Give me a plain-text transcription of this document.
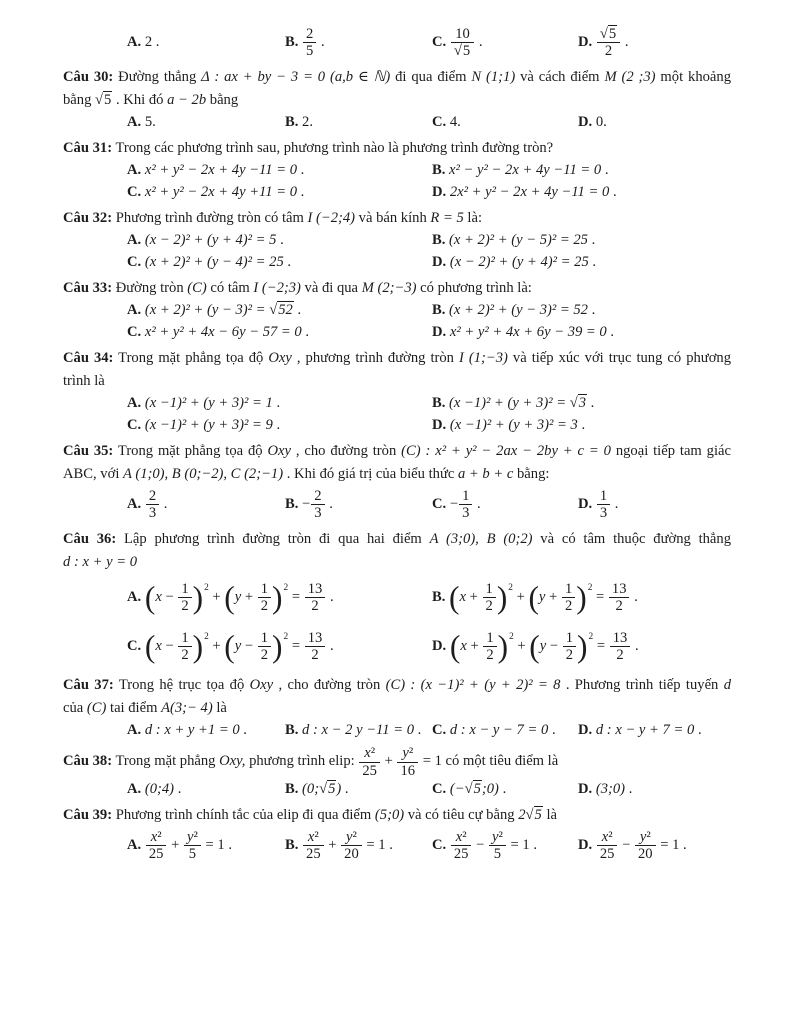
A. 2 .	B. $\frac{2}{5}$ .	C. $\frac{10}{√5}$ .	D. $\frac{√5}{2}$ .
Câu 30: Đường thẳng Δ : ax + by − 3 = 0 (a,b ∈ ℕ) đi qua điểm N (1;1) và cách điểm M (2 ;3) một khoảng
bằng √5 . Khi đó a − 2b bằng
A. 5.	B. 2.	C. 4.	D. 0.
Câu 31: Trong các phương trình sau, phương trình nào là phương trình đường tròn?
A. x² + y² − 2x + 4y −11 = 0 .	B. x² − y² − 2x + 4y −11 = 0 .
C. x² + y² − 2x + 4y +11 = 0 .	D. 2x² + y² − 2x + 4y −11 = 0 .
Câu 32: Phương trình đường tròn có tâm I (−2;4) và bán kính R = 5 là:
A. (x − 2)² + (y + 4)² = 5 .	B. (x + 2)² + (y − 5)² = 25 .
C. (x + 2)² + (y − 4)² = 25 .	D. (x − 2)² + (y + 4)² = 25 .
Câu 33: Đường tròn (C) có tâm I (−2;3) và đi qua M (2;−3) có phương trình là:
A. (x + 2)² + (y − 3)² = √52 .	B. (x + 2)² + (y − 3)² = 52 .
C. x² + y² + 4x − 6y − 57 = 0 .	D. x² + y² + 4x + 6y − 39 = 0 .
Câu 34: Trong mặt phẳng tọa độ Oxy , phương trình đường tròn I (1;−3) và tiếp xúc với trục tung có phương
trình là
A. (x −1)² + (y + 3)² = 1 .	B. (x −1)² + (y + 3)² = √3 .
C. (x −1)² + (y + 3)² = 9 .	D. (x −1)² + (y + 3)² = 3 .
Câu 35: Trong mặt phẳng tọa độ Oxy , cho đường tròn (C) : x² + y² − 2ax − 2by + c = 0 ngoại tiếp tam giác
ABC, với A (1;0), B (0;−2), C (2;−1) . Khi đó giá trị của biểu thức a + b + c bằng:
A. $\frac{2}{3}$ .	B. − $\frac{2}{3}$ .	C. − $\frac{1}{3}$ .	D. $\frac{1}{3}$ .
Câu 36: Lập phương trình đường tròn đi qua hai điểm A (3;0), B (0;2) và có tâm thuộc đường thẳng
d : x + y = 0
A. $(x - \frac{1}{2} )^2 + (y + \frac{1}{2} )^2 = \frac{13}{2}$ .	B. $(x + \frac{1}{2} )^2 + (y + \frac{1}{2} )^2 = \frac{13}{2}$ .
C. $(x - \frac{1}{2} )^2 + (y - \frac{1}{2} )^2 = \frac{13}{2}$ .	D. $(x + \frac{1}{2} )^2 + (y - \frac{1}{2} )^2 = \frac{13}{2}$ .
Câu 37: Trong hệ trục tọa độ Oxy , cho đường tròn (C) : (x −1)² + (y + 2)² = 8 . Phương trình tiếp tuyến d
của (C) tai điểm A(3;− 4) là
A. d : x + y +1 = 0 .	B. d : x − 2 y −11 = 0 . C. d : x − y − 7 = 0 .	D. d : x − y + 7 = 0 .
Câu 38: Trong mặt phẳng Oxy, phương trình elip: $\frac{\text{x²}}{25} + \frac{\text{y²}}{16} = 1$ có một tiêu điểm là
A. (0;4) .	B. (0;√5) .	C. (−√5;0) .	D. (3;0) .
Câu 39: Phương trình chính tắc của elip đi qua điểm (5;0) và có tiêu cự bằng 2√5 là
A. $\frac{\text{x²}}{25} + \frac{\text{y²}}{5} = 1$ .	B. $\frac{\text{x²}}{25} + \frac{\text{y²}}{20} = 1$ .	C. $\frac{\text{x²}}{25} - \frac{\text{y²}}{5} = 1$ .	D. $\frac{\text{x²}}{25} - \frac{\text{y²}}{20} = 1$ .
